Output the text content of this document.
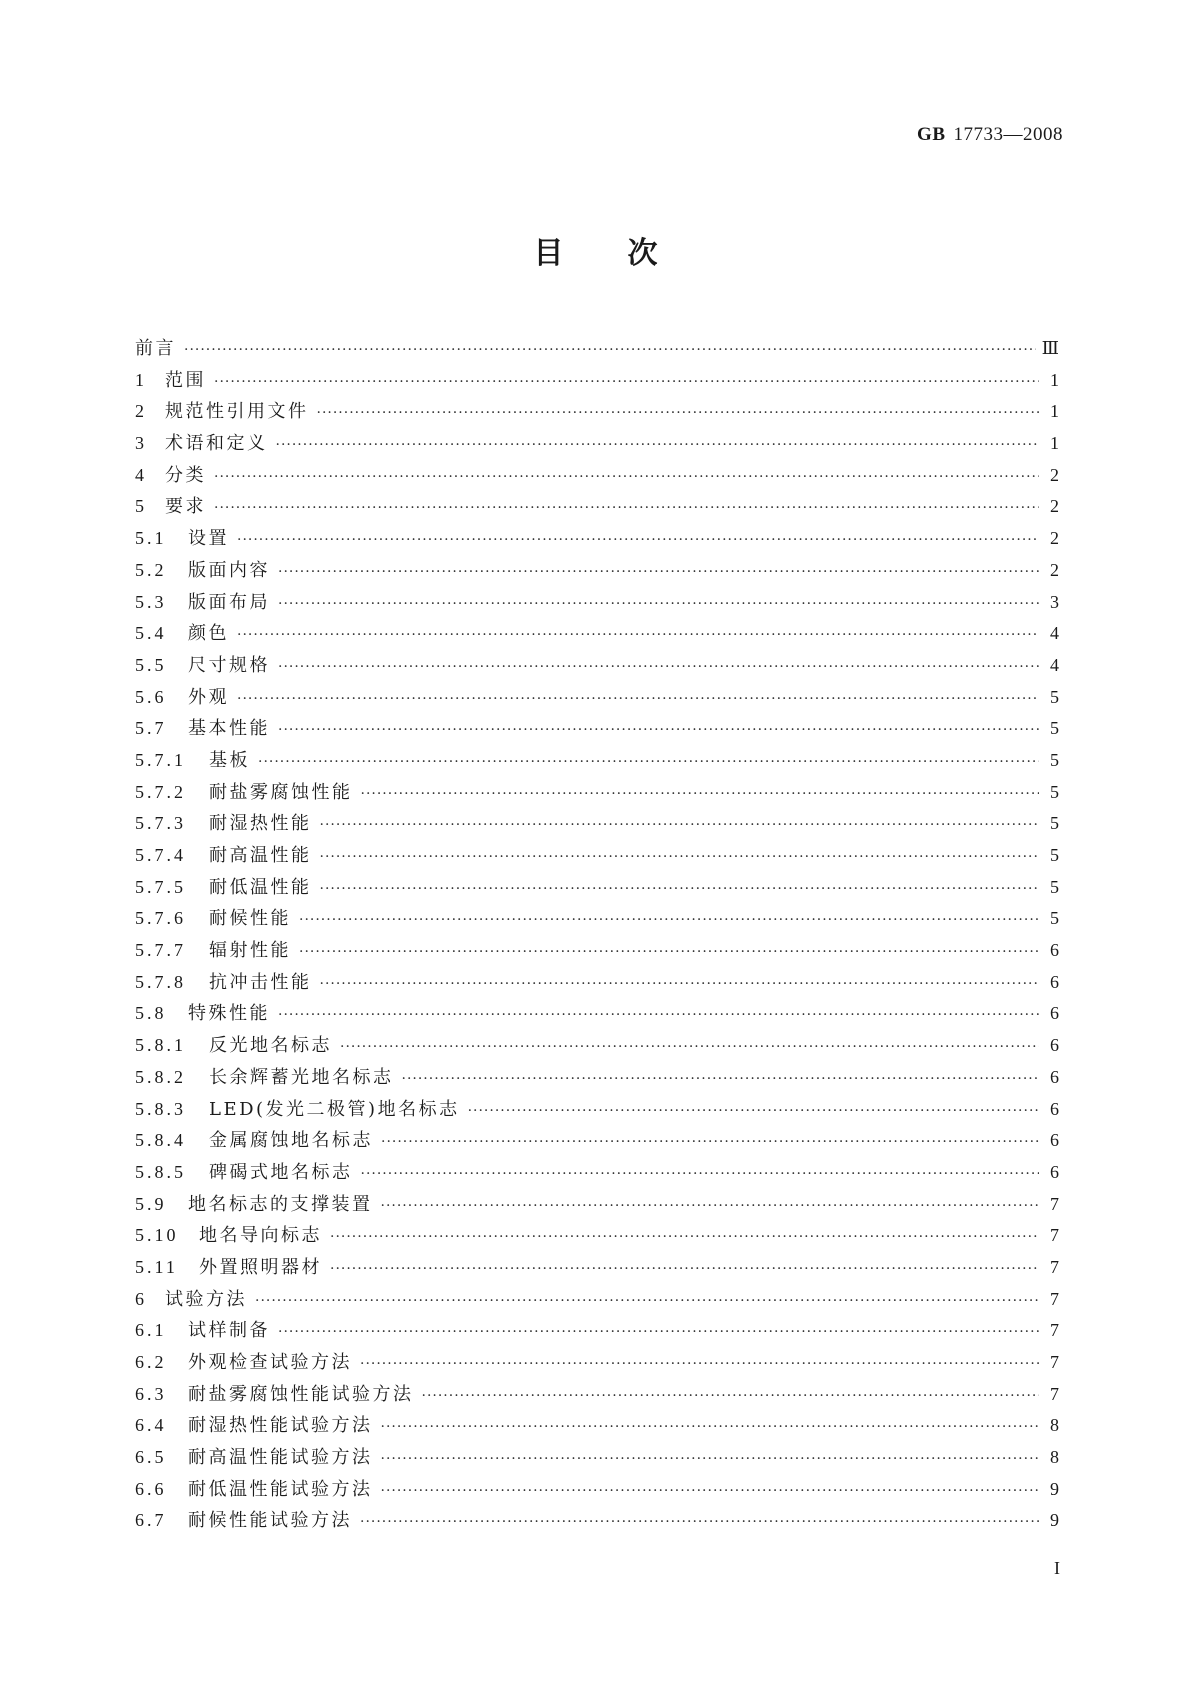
GB 17733—2008
目次
前言 ·····	Ⅲ
1	范围 ·····	1
2	规范性引用文件 ·····	1
3	术语和定义 ·····	1
4	分类 ·····	2
5	要求 ·····	2
5.1	设置 ·····	2
5.2	版面内容 ·····	2
5.3	版面布局 ·····	3
5.4	颜色 ·····	4
5.5	尺寸规格 ·····	4
5.6	外观 ·····	5
5.7	基本性能 ·····	5
5.7.1	基板 ·····	5
5.7.2	耐盐雾腐蚀性能 ·····	5
5.7.3	耐湿热性能 ·····	5
5.7.4	耐高温性能 ·····	5
5.7.5	耐低温性能 ·····	5
5.7.6	耐候性能 ·····	5
5.7.7	辐射性能 ·····	6
5.7.8	抗冲击性能 ·····	6
5.8	特殊性能 ·····	6
5.8.1	反光地名标志 ·····	6
5.8.2	长余辉蓄光地名标志 ·····	6
5.8.3	LED(发光二极管)地名标志 ·····	6
5.8.4	金属腐蚀地名标志 ·····	6
5.8.5	碑碣式地名标志 ·····	6
5.9	地名标志的支撑装置 ·····	7
5.10	地名导向标志 ·····	7
5.11	外置照明器材 ·····	7
6	试验方法 ·····	7
6.1	试样制备 ·····	7
6.2	外观检查试验方法 ·····	7
6.3	耐盐雾腐蚀性能试验方法 ·····	7
6.4	耐湿热性能试验方法 ·····	8
6.5	耐高温性能试验方法 ·····	8
6.6	耐低温性能试验方法 ·····	9
6.7	耐候性能试验方法 ·····	9
I
